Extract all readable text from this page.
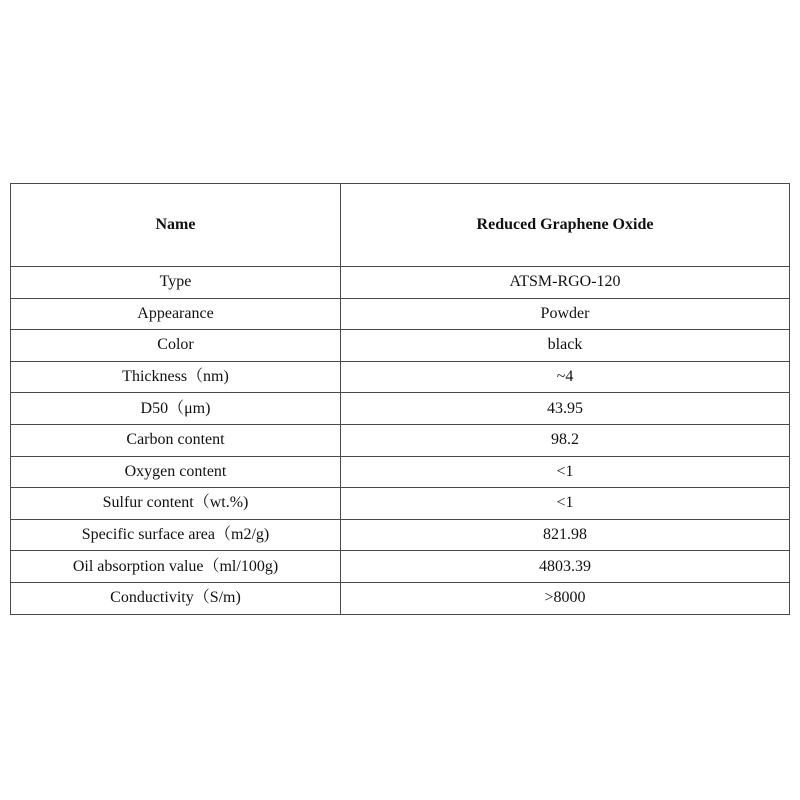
Name	Reduced Graphene Oxide
Type	ATSM-RGO-120
Appearance	Powder
Color	black
Thickness（nm)	~4
D50（μm)	43.95
Carbon content	98.2
Oxygen content	<1
Sulfur content（wt.%)	<1
Specific surface area（m2/g)	821.98
Oil absorption value（ml/100g)	4803.39
Conductivity（S/m)	>8000
